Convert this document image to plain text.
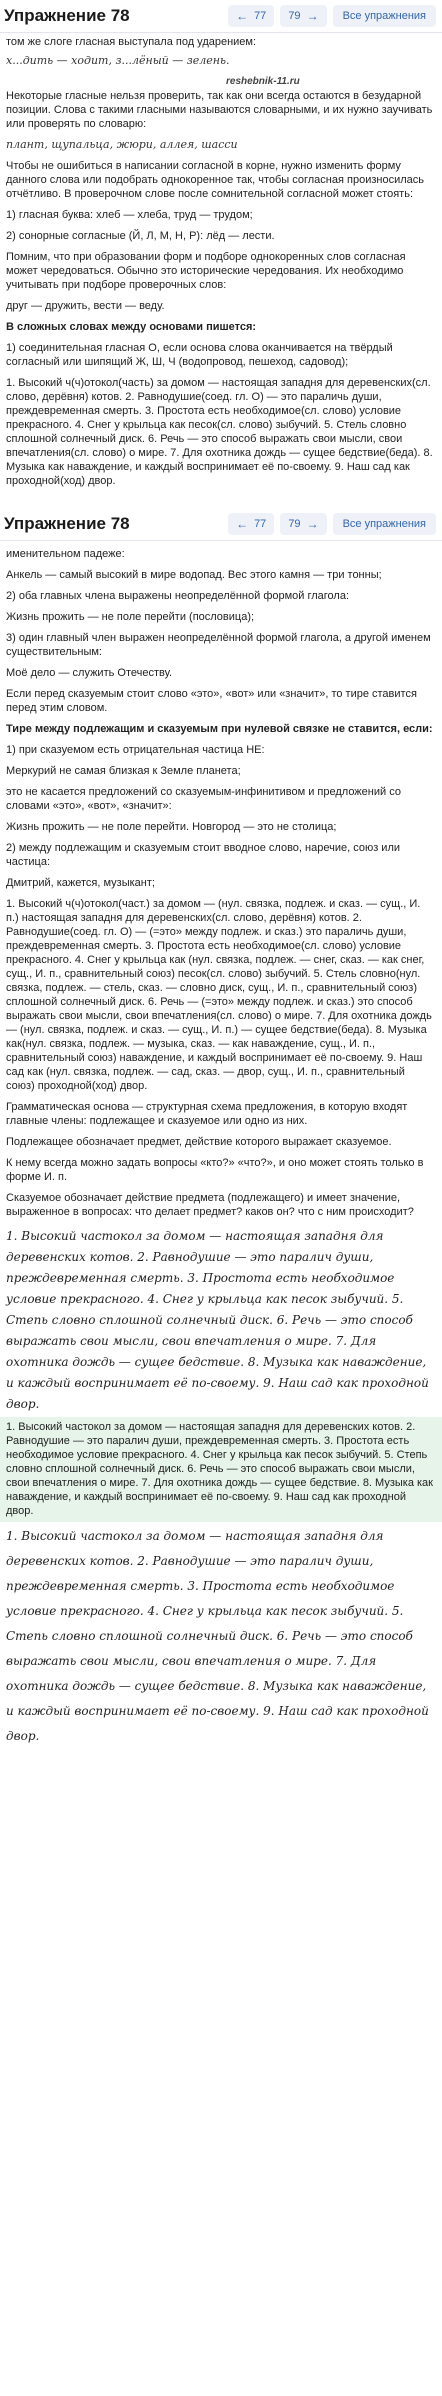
Упражнение 78	← 77 79 →	Все упражнения

том же слоге гласная выступала под ударением:

х...дить — ходит, з...лёный — зелень.

reshebnik-11.ru

Некоторые гласные нельзя проверить, так как они всегда остаются в безударной позиции. Слова с такими гласными называются словарными, и их нужно заучивать или проверять по словарю:

плант, щупальца, жюри, аллея, шасси

Чтобы не ошибиться в написании согласной в корне, нужно изменить форму данного слова или подобрать однокоренное так, чтобы согласная произносилась отчётливо. В проверочном слове после сомнительной согласной может стоять:

1) гласная буква: хлеб — хлеба, труд — трудом;

2) сонорные согласные (Й, Л, М, Н, Р): лёд — лести.

Помним, что при образовании форм и подборе однокоренных слов согласная может чередоваться. Обычно это исторические чередования. Их необходимо учитывать при подборе проверочных слов:

друг — дружить, вести — веду.

В сложных словах между основами пишется:

1) соединительная гласная О, если основа слова оканчивается на твёрдый согласный или шипящий Ж, Ш, Ч (водопровод, пешеход, садовод);

1. Высокий ч(ч)отокол(часть) за домом — настоящая западня для деревенских(сл. слово, дерёвня) котов. 2. Равнодушие(соед. гл. О) — это параличь души, преждевременная смерть. 3. Простота есть необходимое(сл. слово) условие прекрасного. 4. Снег у крыльца как песок(сл. слово) зыбучий. 5. Стель словно сплошной солнечный диск. 6. Речь — это способ выражать свои мысли, свои впечатления(сл. слово) о мире. 7. Для охотника дождь — сущее бедствие(беда). 8. Музыка как наваждение, и каждый воспринимает её по-своему. 9. Наш сад как проходной(ход) двор.

Упражнение 78	← 77 79 →	Все упражнения

именительном падеже:

Анкель — самый высокий в мире водопад. Вес этого камня — три тонны;

2) оба главных члена выражены неопределённой формой глагола:

Жизнь прожить — не поле перейти (пословица);

3) один главный член выражен неопределённой формой глагола, а другой именем существительным:

Моё дело — служить Отечеству.

Если перед сказуемым стоит слово «это», «вот» или «значит», то тире ставится перед этим словом.

Тире между подлежащим и сказуемым при нулевой связке не ставится, если:

1) при сказуемом есть отрицательная частица НЕ:

Меркурий не самая близкая к Земле планета;

это не касается предложений со сказуемым-инфинитивом и предложений со словами «это», «вот», «значит»:

Жизнь прожить — не поле перейти. Новгород — это не столица;

2) между подлежащим и сказуемым стоит вводное слово, наречие, союз или частица:

Дмитрий, кажется, музыкант;

1. Высокий ч(ч)отокол(част.) за домом — (нул. связка, подлеж. и сказ. — сущ., И. п.) настоящая западня для деревенских(сл. слово, дерёвня) котов. 2. Равнодушие(соед. гл. О) — (=это» между подлеж. и сказ.) это параличь души, преждевременная смерть. 3. Простота есть необходимое(сл. слово) условие прекрасного. 4. Снег у крыльца как (нул. связка, подлеж. — снег, сказ. — как снег, сущ., И. п., сравнительный союз) песок(сл. слово) зыбучий. 5. Стель словно(нул. связка, подлеж. — стель, сказ. — словно диск, сущ., И. п., сравнительный союз) сплошной солнечный диск. 6. Речь — (=это» между подлеж. и сказ.) это способ выражать свои мысли, свои впечатления(сл. слово) о мире. 7. Для охотника дождь — (нул. связка, подлеж. и сказ. — сущ., И. п.) — сущее бедствие(беда). 8. Музыка как(нул. связка, подлеж. — музыка, сказ. — как наваждение, сущ., И. п., сравнительный союз) наваждение, и каждый воспринимает её по-своему. 9. Наш сад как (нул. связка, подлеж. — сад, сказ. — двор, сущ., И. п., сравнительный союз) проходной(ход) двор.

Грамматическая основа — структурная схема предложения, в которую входят главные члены: подлежащее и сказуемое или одно из них.

Подлежащее обозначает предмет, действие которого выражает сказуемое.

К нему всегда можно задать вопросы «кто?» «что?», и оно может стоять только в форме И. п.

Сказуемое обозначает действие предмета (подлежащего) и имеет значение, выраженное в вопросах: что делает предмет? каков он? что с ним происходит?

1. Высокий частокол за домом — настоящая западня для деревенских котов. 2. Равнодушие — это паралич души, преждевременная смерть. 3. Простота есть необходимое условие прекрасного. 4. Снег у крыльца как песок зыбучий. 5. Степь словно сплошной солнечный диск. 6. Речь — это способ выражать свои мысли, свои впечатления о мире. 7. Для охотника дождь — сущее бедствие. 8. Музыка как наваждение, и каждый воспринимает её по-своему. 9. Наш сад как проходной двор.

1. Высокий частокол за домом — настоящая западня для деревенских котов. 2. Равнодушие — это паралич души, преждевременная смерть. 3. Простота есть необходимое условие прекрасного. 4. Снег у крыльца как песок зыбучий. 5. Степь словно сплошной солнечный диск. 6. Речь — это способ выражать свои мысли, свои впечатления о мире. 7. Для охотника дождь — сущее бедствие. 8. Музыка как наваждение, и каждый воспринимает её по-своему. 9. Наш сад как проходной двор.

1. Высокий частокол за домом — настоящая западня для деревенских котов. 2. Равнодушие — это паралич души, преждевременная смерть. 3. Простота есть необходимое условие прекрасного. 4. Снег у крыльца как песок зыбучий. 5. Степь словно сплошной солнечный диск. 6. Речь — это способ выражать свои мысли, свои впечатления о мире. 7. Для охотника дождь — сущее бедствие. 8. Музыка как наваждение, и каждый воспринимает её по-своему. 9. Наш сад как проходной двор.
